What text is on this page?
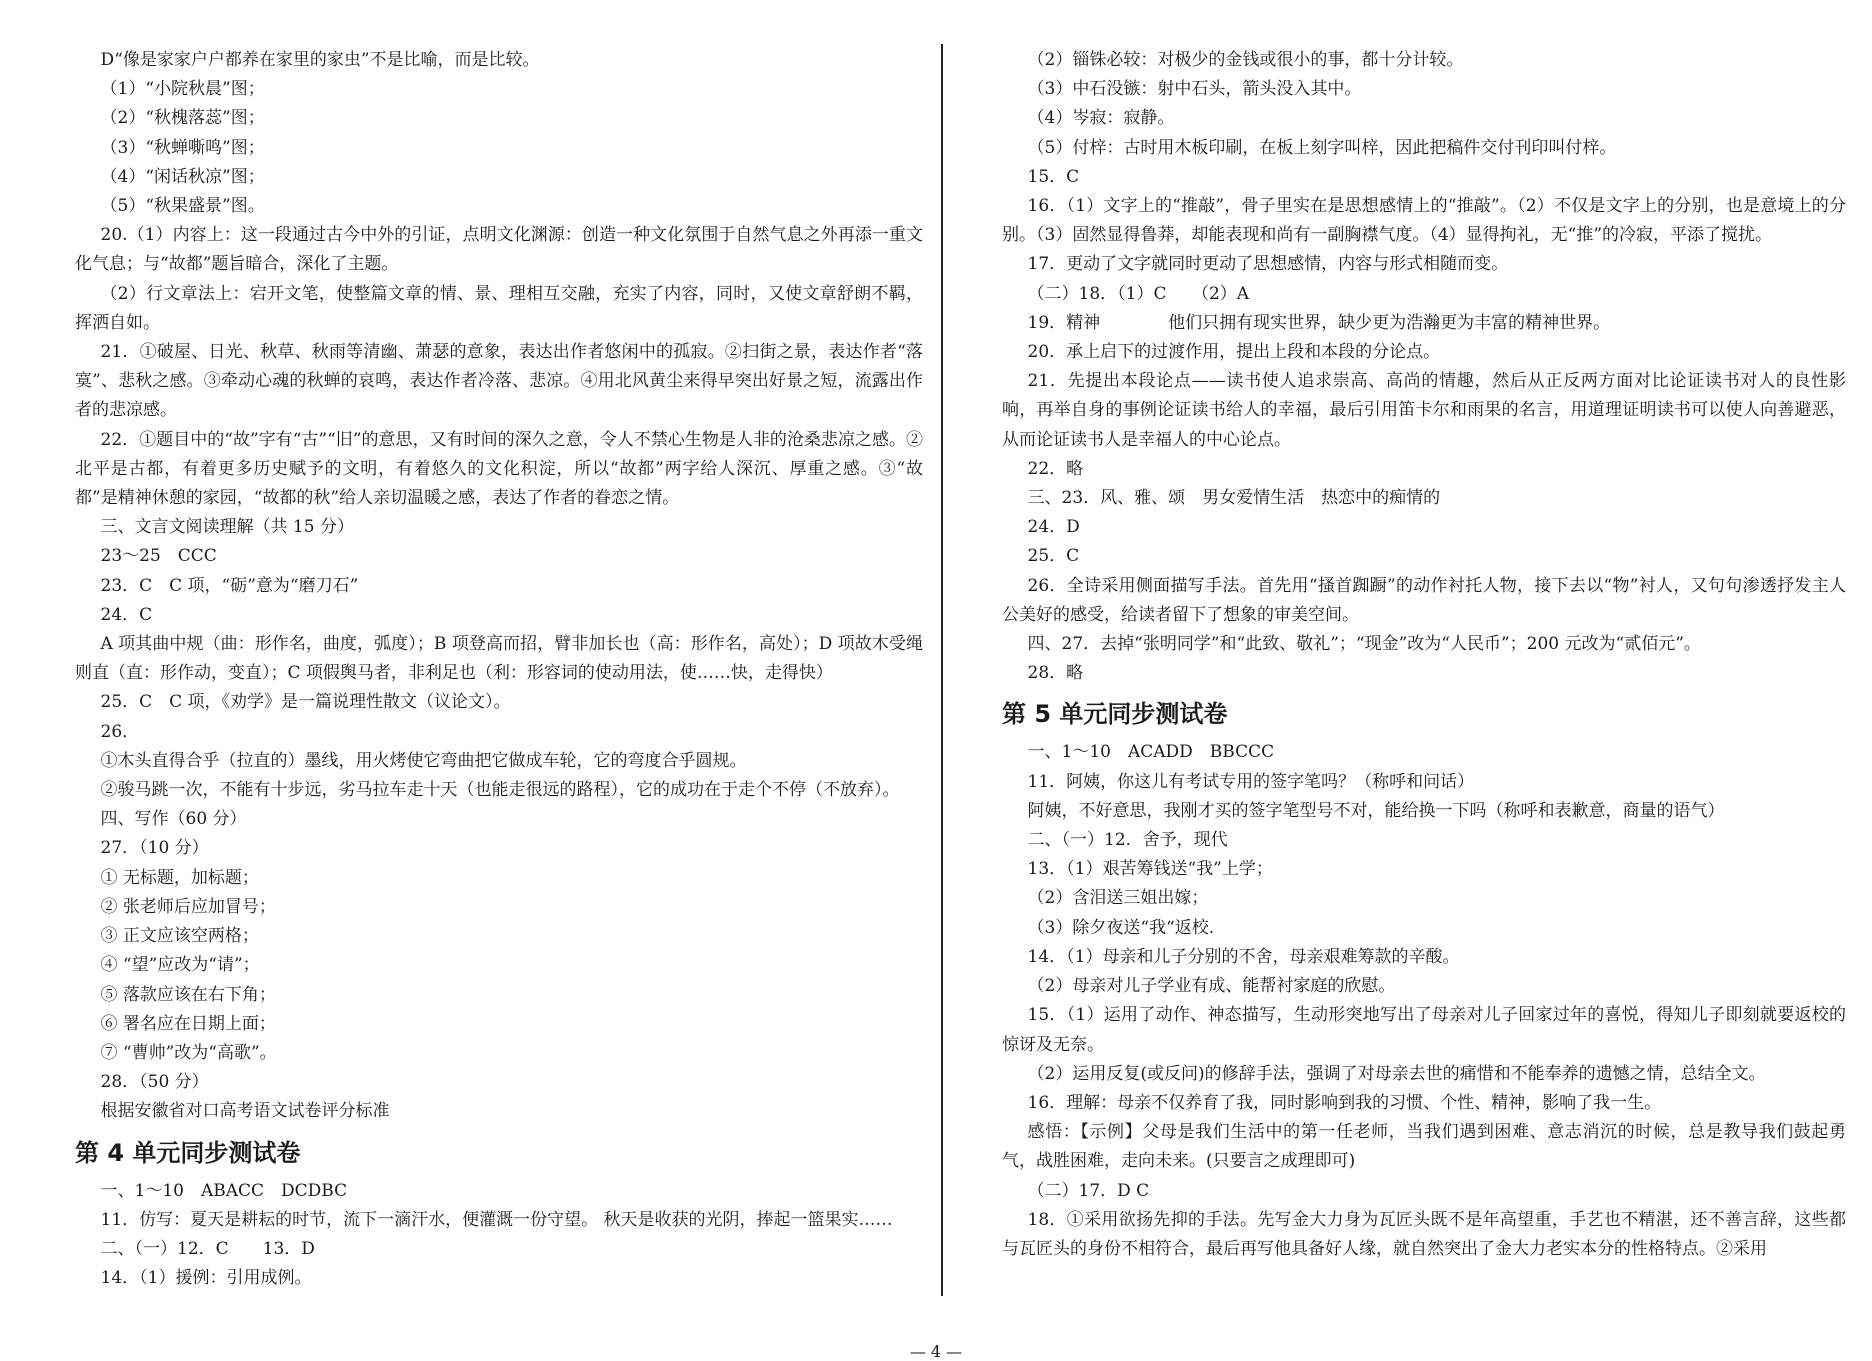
D“像是家家户户都养在家里的家虫”不是比喻，而是比较。

（1）“小院秋晨”图；

（2）“秋槐落蕊”图；

（3）“秋蝉嘶鸣”图；

（4）“闲话秋凉”图；

（5）“秋果盛景”图。

20.（1）内容上：这一段通过古今中外的引证，点明文化渊源：创造一种文化氛围于自然气息之外再添一重文化气息；与“故都”题旨暗合，深化了主题。

（2）行文章法上：宕开文笔，使整篇文章的情、景、理相互交融，充实了内容，同时，又使文章舒朗不羁，挥洒自如。

21．①破屋、日光、秋草、秋雨等清幽、萧瑟的意象，表达出作者悠闲中的孤寂。②扫街之景，表达作者“落寞”、悲秋之感。③牵动心魂的秋蝉的哀鸣，表达作者冷落、悲凉。④用北风黄尘来得早突出好景之短，流露出作者的悲凉感。

22．①题目中的“故”字有“古”“旧”的意思，又有时间的深久之意，令人不禁心生物是人非的沧桑悲凉之感。②北平是古都，有着更多历史赋予的文明，有着悠久的文化积淀，所以“故都”两字给人深沉、厚重之感。③“故都”是精神休憩的家园，“故都的秋”给人亲切温暖之感，表达了作者的眷恋之情。

三、文言文阅读理解（共 15 分）

23～25　CCC

23．C　C 项，“砺”意为“磨刀石”

24．C

A 项其曲中规（曲：形作名，曲度，弧度）；B 项登高而招，臂非加长也（高：形作名，高处）；D 项故木受绳则直（直：形作动，变直）；C 项假舆马者，非利足也（利：形容词的使动用法，使……快，走得快）

25．C　C 项，《劝学》是一篇说理性散文（议论文）。

26．

①木头直得合乎（拉直的）墨线，用火烤使它弯曲把它做成车轮，它的弯度合乎圆规。

②骏马跳一次，不能有十步远，劣马拉车走十天（也能走很远的路程），它的成功在于走个不停（不放弃）。

四、写作（60 分）

27．（10 分）

① 无标题，加标题；

② 张老师后应加冒号；

③ 正文应该空两格；

④ “望”应改为“请”；

⑤ 落款应该在右下角；

⑥ 署名应在日期上面；

⑦ “曹帅”改为“高歌”。

28．（50 分）

根据安徽省对口高考语文试卷评分标准

第 4 单元同步测试卷

一、1～10　ABACC　DCDBC

11．仿写：夏天是耕耘的时节，流下一滴汗水，便灌溉一份守望。 秋天是收获的光阴，捧起一篮果实……

二、（一）12．C　　13．D

14．（1）援例：引用成例。

（2）锱铢必较：对极少的金钱或很小的事，都十分计较。

（3）中石没镞：射中石头，箭头没入其中。

（4）岑寂：寂静。

（5）付梓：古时用木板印刷，在板上刻字叫梓，因此把稿件交付刊印叫付梓。

15．C

16．（1）文字上的“推敲”，骨子里实在是思想感情上的“推敲”。（2）不仅是文字上的分别，也是意境上的分别。（3）固然显得鲁莽，却能表现和尚有一副胸襟气度。（4）显得拘礼，无“推”的冷寂，平添了搅扰。

17．更动了文字就同时更动了思想感情，内容与形式相随而变。

（二）18．（1）C　　（2）A

19．精神　　　　他们只拥有现实世界，缺少更为浩瀚更为丰富的精神世界。

20．承上启下的过渡作用，提出上段和本段的分论点。

21．先提出本段论点——读书使人追求崇高、高尚的情趣，然后从正反两方面对比论证读书对人的良性影响，再举自身的事例论证读书给人的幸福，最后引用笛卡尔和雨果的名言，用道理证明读书可以使人向善避恶，从而论证读书人是幸福人的中心论点。

22．略

三、23．风、雅、颂　男女爱情生活　热恋中的痴情的

24．D

25．C

26．全诗采用侧面描写手法。首先用“搔首踟蹰”的动作衬托人物，接下去以“物”衬人，又句句渗透抒发主人公美好的感受，给读者留下了想象的审美空间。

四、27．去掉“张明同学”和“此致、敬礼”；“现金”改为“人民币”；200 元改为“贰佰元”。

28．略

第 5 单元同步测试卷

一、1～10　ACADD　BBCCC

11．阿姨，你这儿有考试专用的签字笔吗？（称呼和问话）

阿姨，不好意思，我刚才买的签字笔型号不对，能给换一下吗（称呼和表歉意，商量的语气）

二、（一）12．舍予，现代

13．（1）艰苦筹钱送“我”上学；

（2）含泪送三姐出嫁；

（3）除夕夜送“我“返校.

14．（1）母亲和儿子分别的不舍，母亲艰难筹款的辛酸。

（2）母亲对儿子学业有成、能帮衬家庭的欣慰。

15．（1）运用了动作、神态描写，生动形突地写出了母亲对儿子回家过年的喜悦，得知儿子即刻就要返校的惊讶及无奈。

（2）运用反复(或反问)的修辞手法，强调了对母亲去世的痛惜和不能奉养的遗憾之情，总结全文。

16．理解：母亲不仅养育了我，同时影响到我的习惯、个性、精神，影响了我一生。

感悟：【示例】父母是我们生活中的第一任老师，当我们遇到困难、意志消沉的时候，总是教导我们鼓起勇气，战胜困难，走向未来。(只要言之成理即可)

（二）17．D C

18．①采用欲扬先抑的手法。先写金大力身为瓦匠头既不是年高望重，手艺也不精湛，还不善言辞，这些都与瓦匠头的身份不相符合，最后再写他具备好人缘，就自然突出了金大力老实本分的性格特点。②采用

— 4 —
